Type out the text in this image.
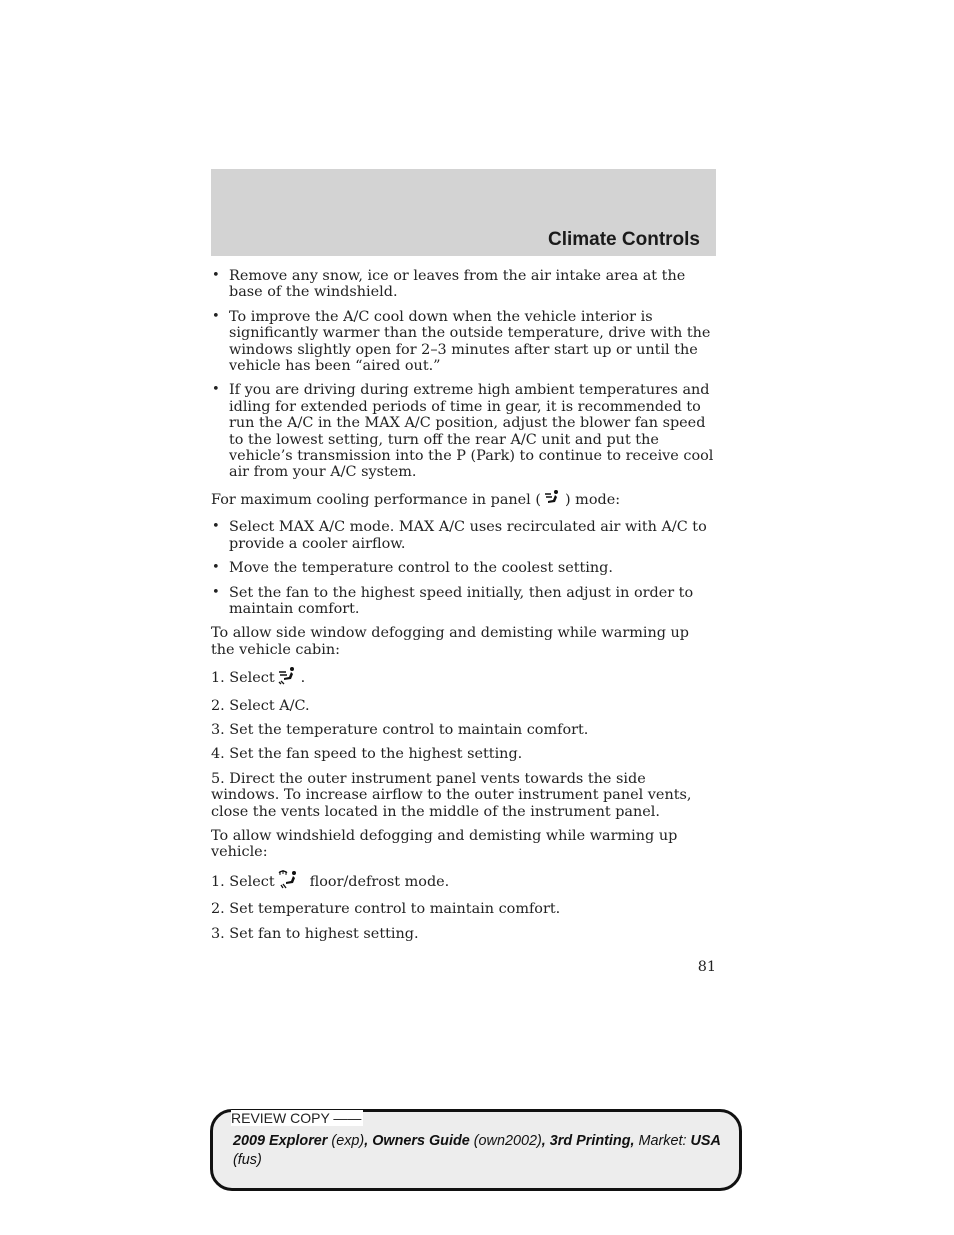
Climate Controls
• Remove any snow, ice or leaves from the air intake area at the base of the windshield.
• To improve the A/C cool down when the vehicle interior is significantly warmer than the outside temperature, drive with the windows slightly open for 2–3 minutes after start up or until the vehicle has been “aired out.”
• If you are driving during extreme high ambient temperatures and idling for extended periods of time in gear, it is recommended to run the A/C in the MAX A/C position, adjust the blower fan speed to the lowest setting, turn off the rear A/C unit and put the vehicle’s transmission into the P (Park) to continue to receive cool air from your A/C system.

For maximum cooling performance in panel ( ) mode:

• Select MAX A/C mode. MAX A/C uses recirculated air with A/C to provide a cooler airflow.
• Move the temperature control to the coolest setting.
• Set the fan to the highest speed initially, then adjust in order to maintain comfort.

To allow side window defogging and demisting while warming up the vehicle cabin:

1. Select .

2. Select A/C.

3. Set the temperature control to maintain comfort.

4. Set the fan speed to the highest setting.

5. Direct the outer instrument panel vents towards the side windows. To increase airflow to the outer instrument panel vents, close the vents located in the middle of the instrument panel.

To allow windshield defogging and demisting while warming up vehicle:

1. Select floor/defrost mode.

2. Set temperature control to maintain comfort.

3. Set fan to highest setting.

81
2009 Explorer (exp), Owners Guide (own2002), 3rd Printing, Market: USA (fus)
REVIEW COPY ——
